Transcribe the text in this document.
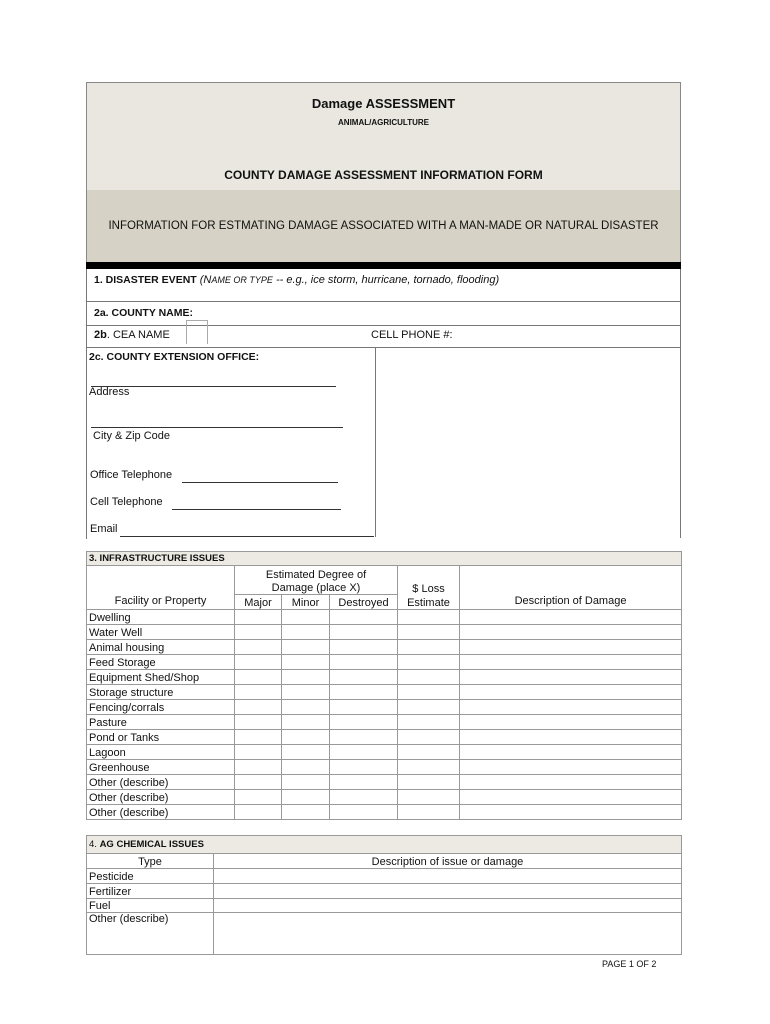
Damage ASSESSMENT
ANIMAL/AGRICULTURE
COUNTY DAMAGE ASSESSMENT INFORMATION FORM
INFORMATION FOR ESTMATING DAMAGE ASSOCIATED WITH A MAN-MADE OR NATURAL DISASTER
1. DISASTER EVENT (NAME OR TYPE -- e.g., ice storm, hurricane, tornado, flooding)
2a. COUNTY NAME:
2b. CEA NAME	CELL PHONE #:
2c. COUNTY EXTENSION OFFICE:
Address
City & Zip Code
Office Telephone
Cell Telephone
Email
3. INFRASTRUCTURE ISSUES					
Facility or Property	Estimated Degree of				Description of Damage
	Damage (place X)			$ Loss	
	Major	Minor	Destroyed	Estimate	
Dwelling					
Water Well					
Animal housing					
Feed Storage					
Equipment Shed/Shop					
Storage structure					
Fencing/corrals					
Pasture					
Pond or Tanks					
Lagoon					
Greenhouse					
Other (describe)					
Other (describe)					
Other (describe)					
4. AG CHEMICAL ISSUES	
Type	Description of issue or damage
Pesticide	
Fertilizer	
Fuel	
Other (describe)	
PAGE 1 OF 2
